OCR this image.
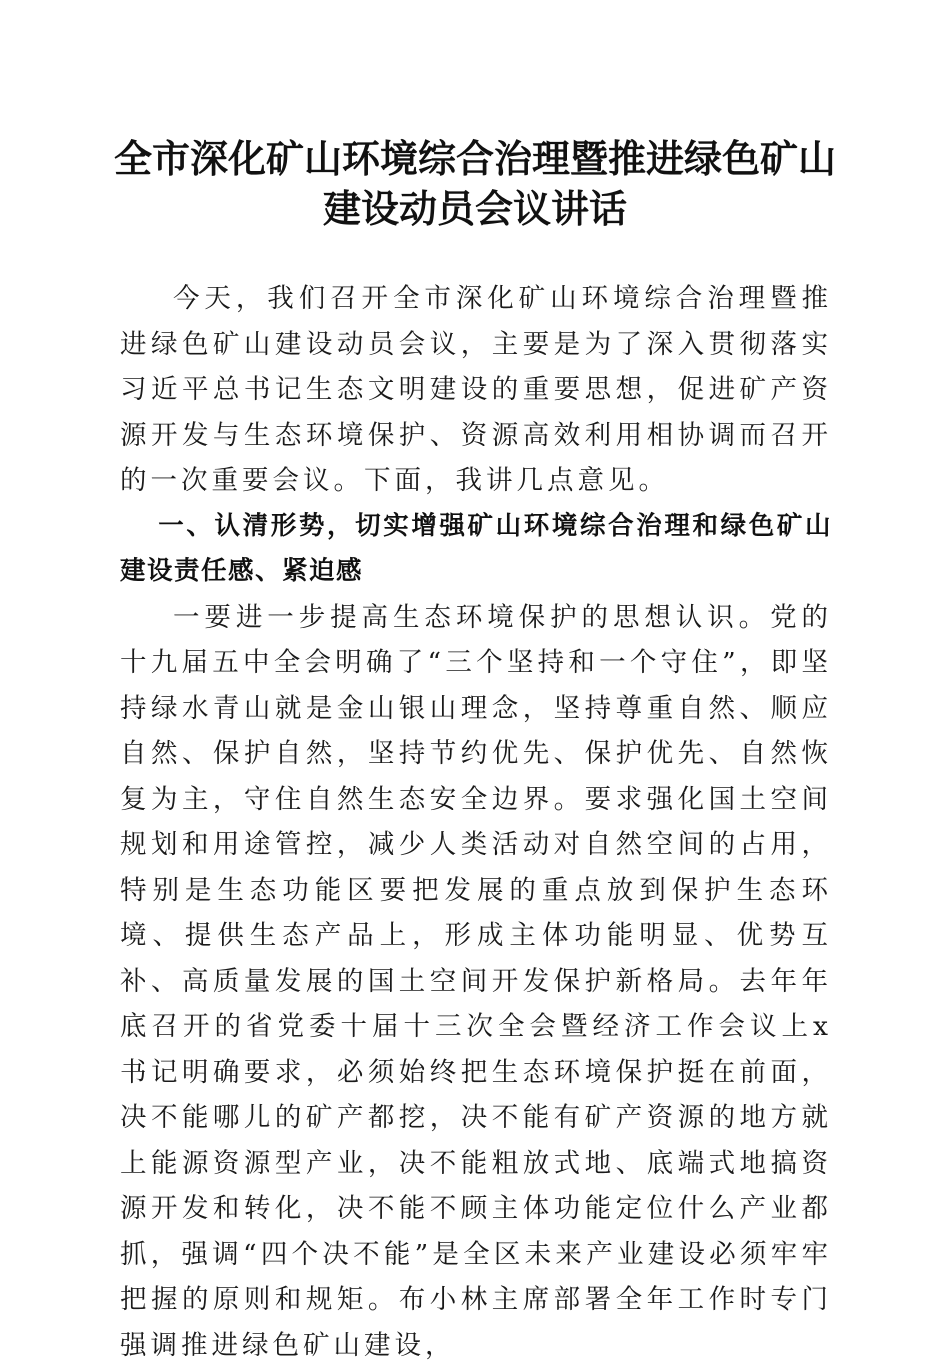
全市深化矿山环境综合治理暨推进绿色矿山建设动员会议讲话

今天，我们召开全市深化矿山环境综合治理暨推进绿色矿山建设动员会议，主要是为了深入贯彻落实习近平总书记生态文明建设的重要思想，促进矿产资源开发与生态环境保护、资源高效利用相协调而召开的一次重要会议。下面，我讲几点意见。

一、认清形势，切实增强矿山环境综合治理和绿色矿山建设责任感、紧迫感

一要进一步提高生态环境保护的思想认识。党的十九届五中全会明确了“三个坚持和一个守住”，即坚持绿水青山就是金山银山理念，坚持尊重自然、顺应自然、保护自然，坚持节约优先、保护优先、自然恢复为主，守住自然生态安全边界。要求强化国土空间规划和用途管控，减少人类活动对自然空间的占用，特别是生态功能区要把发展的重点放到保护生态环境、提供生态产品上，形成主体功能明显、优势互补、高质量发展的国土空间开发保护新格局。去年年底召开的省党委十届十三次全会暨经济工作会议上x书记明确要求，必须始终把生态环境保护挺在前面，决不能哪儿的矿产都挖，决不能有矿产资源的地方就上能源资源型产业，决不能粗放式地、底端式地搞资源开发和转化，决不能不顾主体功能定位什么产业都抓，强调“四个决不能”是全区未来产业建设必须牢牢把握的原则和规矩。布小林主席部署全年工作时专门强调推进绿色矿山建设，
